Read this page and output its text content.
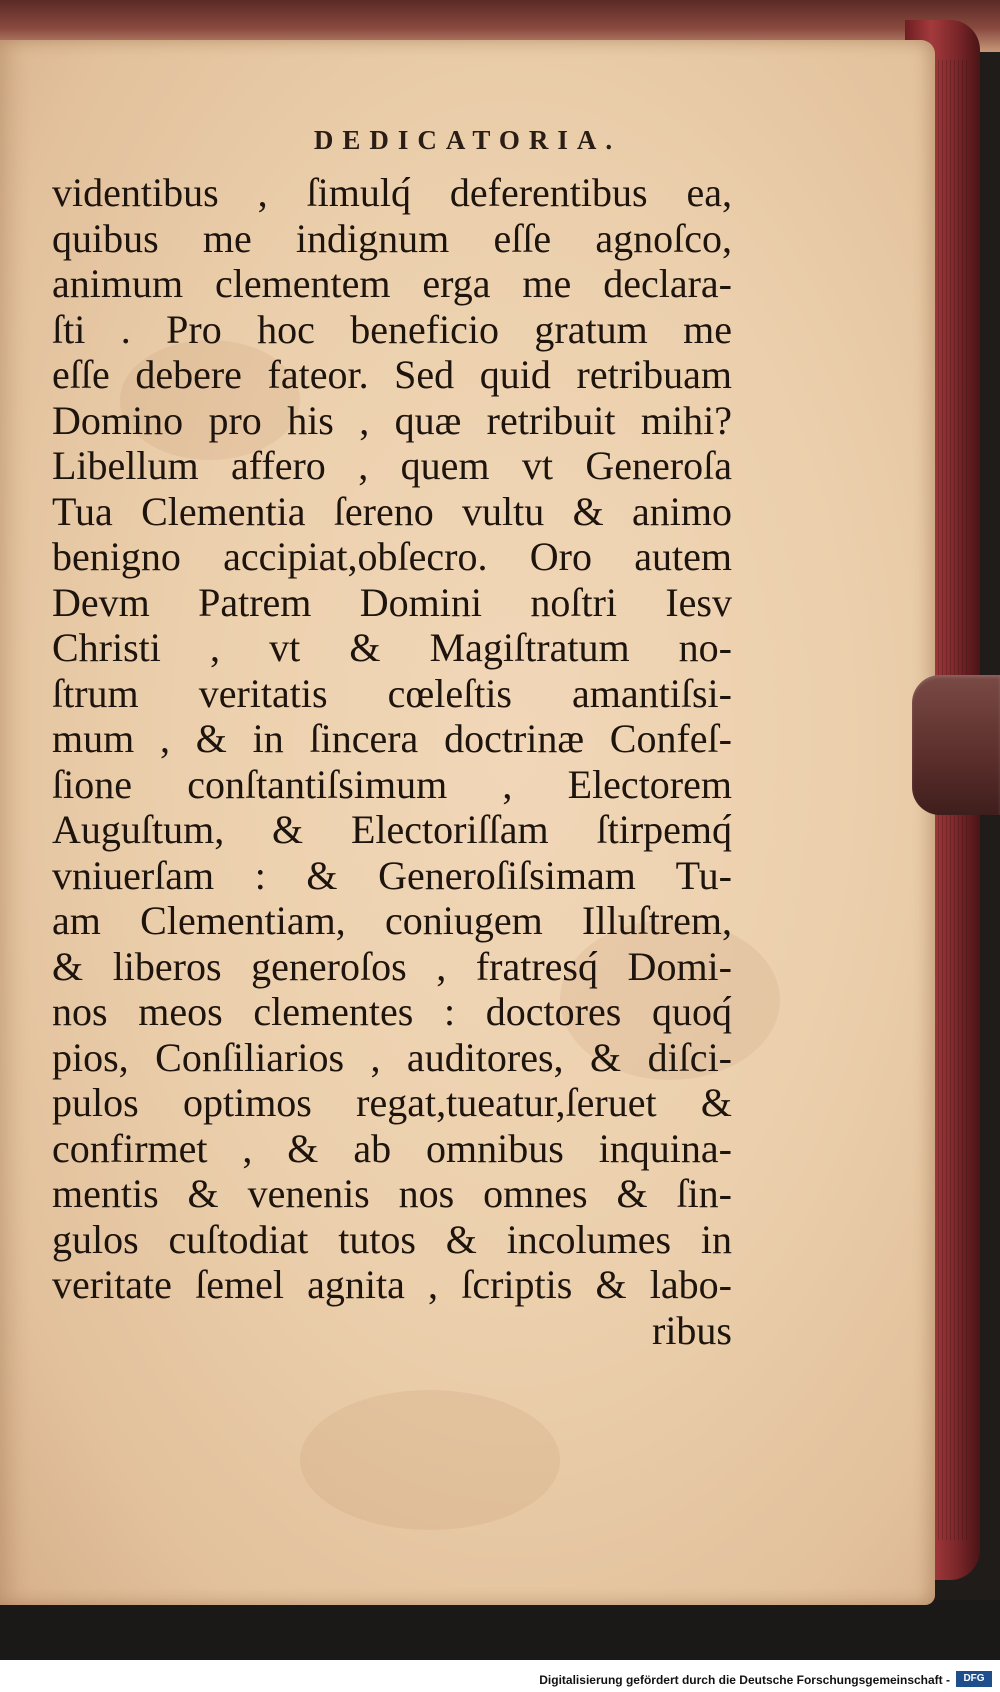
DEDICATORIA.
videntibus , ſimulq́ deferentibus ea,
quibus me indignum eſſe agnoſco,
animum clementem erga me declara-
ſti . Pro hoc beneficio gratum me
eſſe debere fateor. Sed quid retribuam
Domino pro his , quæ retribuit mihi?
Libellum affero , quem vt Generoſa
Tua Clementia ſereno vultu & animo
benigno accipiat,obſecro. Oro autem
Devm Patrem Domini noſtri Iesv
Christi , vt & Magiſtratum no-
ſtrum veritatis cœleſtis amantiſsi-
mum , & in ſincera doctrinæ Confeſ-
ſione conſtantiſsimum , Electorem
Auguſtum, & Electoriſſam ſtirpemq́
vniuerſam : & Generoſiſsimam Tu-
am Clementiam, coniugem Illuſtrem,
& liberos generoſos , fratresq́ Domi-
nos meos clementes : doctores quoq́
pios, Conſiliarios , auditores, & diſci-
pulos optimos regat,tueatur,ſeruet &
confirmet , & ab omnibus inquina-
mentis & venenis nos omnes & ſin-
gulos cuſtodiat tutos & incolumes in
veritate ſemel agnita , ſcriptis & labo-
ribus
Digitalisierung gefördert durch die Deutsche Forschungsgemeinschaft -	DFG
